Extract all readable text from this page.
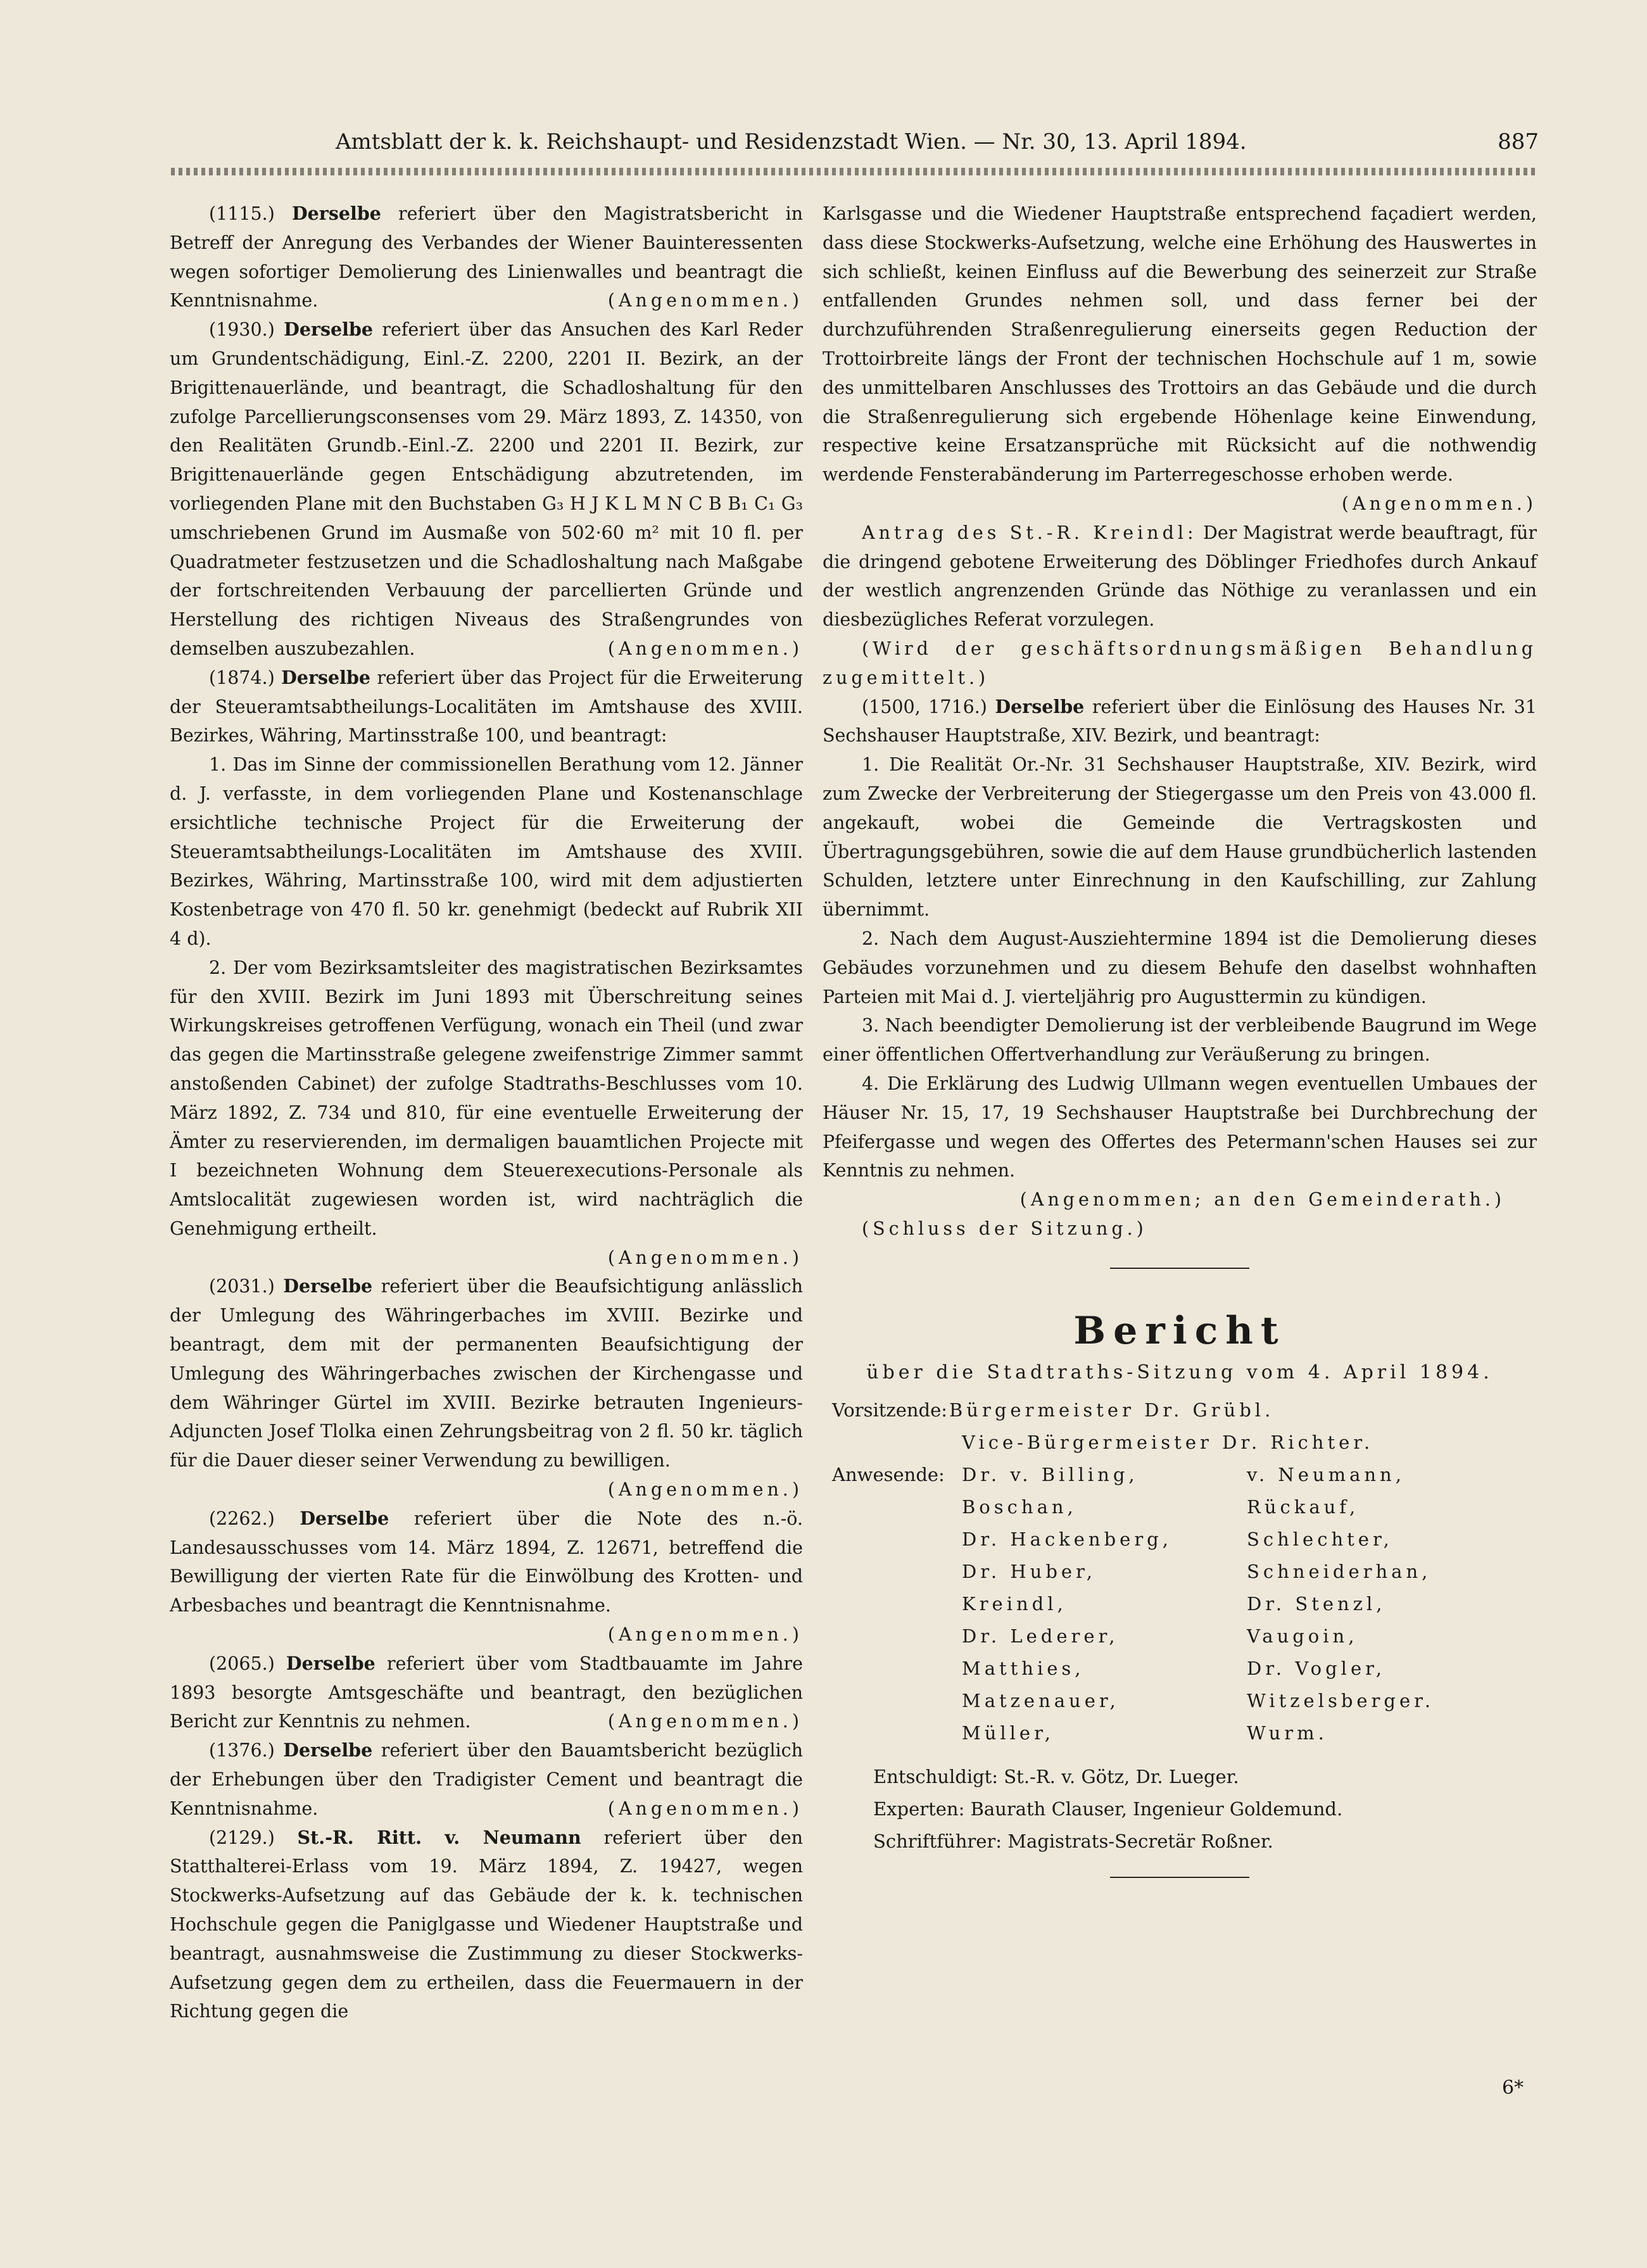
Amtsblatt der k. k. Reichshaupt- und Residenzstadt Wien. — Nr. 30, 13. April 1894.	887

(1115.) Derselbe referiert über den Magistratsbericht in Betreff der Anregung des Verbandes der Wiener Bauinteressenten wegen sofortiger Demolierung des Linienwalles und beantragt die Kenntnisnahme.	(Angenommen.)

(1930.) Derselbe referiert über das Ansuchen des Karl Reder um Grundentschädigung, Einl.-Z. 2200, 2201 II. Bezirk, an der Brigittenauerlände, und beantragt, die Schadloshaltung für den zufolge Parcellierungsconsenses vom 29. März 1893, Z. 14350, von den Realitäten Grundb.-Einl.-Z. 2200 und 2201 II. Bezirk, zur Brigittenauerlände gegen Entschädigung abzutretenden, im vorliegenden Plane mit den Buchstaben G₃ H J K L M N C B B₁ C₁ G₃ umschriebenen Grund im Ausmaße von 502·60 m² mit 10 fl. per Quadratmeter festzusetzen und die Schadloshaltung nach Maßgabe der fortschreitenden Verbauung der parcellierten Gründe und Herstellung des richtigen Niveaus des Straßengrundes von demselben auszubezahlen.	(Angenommen.)

(1874.) Derselbe referiert über das Project für die Erweiterung der Steueramtsabtheilungs-Localitäten im Amtshause des XVIII. Bezirkes, Währing, Martinsstraße 100, und beantragt:

1. Das im Sinne der commissionellen Berathung vom 12. Jänner d. J. verfasste, in dem vorliegenden Plane und Kostenanschlage ersichtliche technische Project für die Erweiterung der Steueramtsabtheilungs-Localitäten im Amtshause des XVIII. Bezirkes, Währing, Martinsstraße 100, wird mit dem adjustierten Kostenbetrage von 470 fl. 50 kr. genehmigt (bedeckt auf Rubrik XII 4 d).

2. Der vom Bezirksamtsleiter des magistratischen Bezirksamtes für den XVIII. Bezirk im Juni 1893 mit Überschreitung seines Wirkungskreises getroffenen Verfügung, wonach ein Theil (und zwar das gegen die Martinsstraße gelegene zweifenstrige Zimmer sammt anstoßenden Cabinet) der zufolge Stadtraths-Beschlusses vom 10. März 1892, Z. 734 und 810, für eine eventuelle Erweiterung der Ämter zu reservierenden, im dermaligen bauamtlichen Projecte mit I bezeichneten Wohnung dem Steuerexecutions-Personale als Amtslocalität zugewiesen worden ist, wird nachträglich die Genehmigung ertheilt.

(Angenommen.)

(2031.) Derselbe referiert über die Beaufsichtigung anlässlich der Umlegung des Währingerbaches im XVIII. Bezirke und beantragt, dem mit der permanenten Beaufsichtigung der Umlegung des Währingerbaches zwischen der Kirchengasse und dem Währinger Gürtel im XVIII. Bezirke betrauten Ingenieurs-Adjuncten Josef Tlolka einen Zehrungsbeitrag von 2 fl. 50 kr. täglich für die Dauer dieser seiner Verwendung zu bewilligen.
(Angenommen.)

(2262.) Derselbe referiert über die Note des n.-ö. Landesausschusses vom 14. März 1894, Z. 12671, betreffend die Bewilligung der vierten Rate für die Einwölbung des Krotten- und Arbesbaches und beantragt die Kenntnisnahme.
(Angenommen.)

(2065.) Derselbe referiert über vom Stadtbauamte im Jahre 1893 besorgte Amtsgeschäfte und beantragt, den bezüglichen Bericht zur Kenntnis zu nehmen.	(Angenommen.)

(1376.) Derselbe referiert über den Bauamtsbericht bezüglich der Erhebungen über den Tradigister Cement und beantragt die Kenntnisnahme.	(Angenommen.)

(2129.) St.-R. Ritt. v. Neumann referiert über den Statthalterei-Erlass vom 19. März 1894, Z. 19427, wegen Stockwerks-Aufsetzung auf das Gebäude der k. k. technischen Hochschule gegen die Paniglgasse und Wiedener Hauptstraße und beantragt, ausnahmsweise die Zustimmung zu dieser Stockwerks-Aufsetzung gegen dem zu ertheilen, dass die Feuermauern in der Richtung gegen die

Karlsgasse und die Wiedener Hauptstraße entsprechend façadiert werden, dass diese Stockwerks-Aufsetzung, welche eine Erhöhung des Hauswertes in sich schließt, keinen Einfluss auf die Bewerbung des seinerzeit zur Straße entfallenden Grundes nehmen soll, und dass ferner bei der durchzuführenden Straßenregulierung einerseits gegen Reduction der Trottoirbreite längs der Front der technischen Hochschule auf 1 m, sowie des unmittelbaren Anschlusses des Trottoirs an das Gebäude und die durch die Straßenregulierung sich ergebende Höhenlage keine Einwendung, respective keine Ersatzansprüche mit Rücksicht auf die nothwendig werdende Fensterabänderung im Parterregeschosse erhoben werde.
(Angenommen.)

Antrag des St.-R. Kreindl: Der Magistrat werde beauftragt, für die dringend gebotene Erweiterung des Döblinger Friedhofes durch Ankauf der westlich angrenzenden Gründe das Nöthige zu veranlassen und ein diesbezügliches Referat vorzulegen.

(Wird der geschäftsordnungsmäßigen Behandlung zugemittelt.)

(1500, 1716.) Derselbe referiert über die Einlösung des Hauses Nr. 31 Sechshauser Hauptstraße, XIV. Bezirk, und beantragt:

1. Die Realität Or.-Nr. 31 Sechshauser Hauptstraße, XIV. Bezirk, wird zum Zwecke der Verbreiterung der Stiegergasse um den Preis von 43.000 fl. angekauft, wobei die Gemeinde die Vertragskosten und Übertragungsgebühren, sowie die auf dem Hause grundbücherlich lastenden Schulden, letztere unter Einrechnung in den Kaufschilling, zur Zahlung übernimmt.

2. Nach dem August-Ausziehtermine 1894 ist die Demolierung dieses Gebäudes vorzunehmen und zu diesem Behufe den daselbst wohnhaften Parteien mit Mai d. J. vierteljährig pro Augusttermin zu kündigen.

3. Nach beendigter Demolierung ist der verbleibende Baugrund im Wege einer öffentlichen Offertverhandlung zur Veräußerung zu bringen.

4. Die Erklärung des Ludwig Ullmann wegen eventuellen Umbaues der Häuser Nr. 15, 17, 19 Sechshauser Hauptstraße bei Durchbrechung der Pfeifergasse und wegen des Offertes des Petermann'schen Hauses sei zur Kenntnis zu nehmen.

(Angenommen; an den Gemeinderath.)

(Schluss der Sitzung.)

Bericht
über die Stadtraths-Sitzung vom 4. April 1894.
Vorsitzende: Bürgermeister Dr. Grübl.
Vice-Bürgermeister Dr. Richter.
Anwesende: Dr. v. Billing,	v. Neumann,
Boschan,	Rückauf,
Dr. Hackenberg,	Schlechter,
Dr. Huber,	Schneiderhan,
Kreindl,	Dr. Stenzl,
Dr. Lederer,	Vaugoin,
Matthies,	Dr. Vogler,
Matzenauer,	Witzelsberger.
Müller,	Wurm.
Entschuldigt: St.-R. v. Götz, Dr. Lueger.
Experten: Baurath Clauser, Ingenieur Goldemund.
Schriftführer: Magistrats-Secretär Roßner.
6*
